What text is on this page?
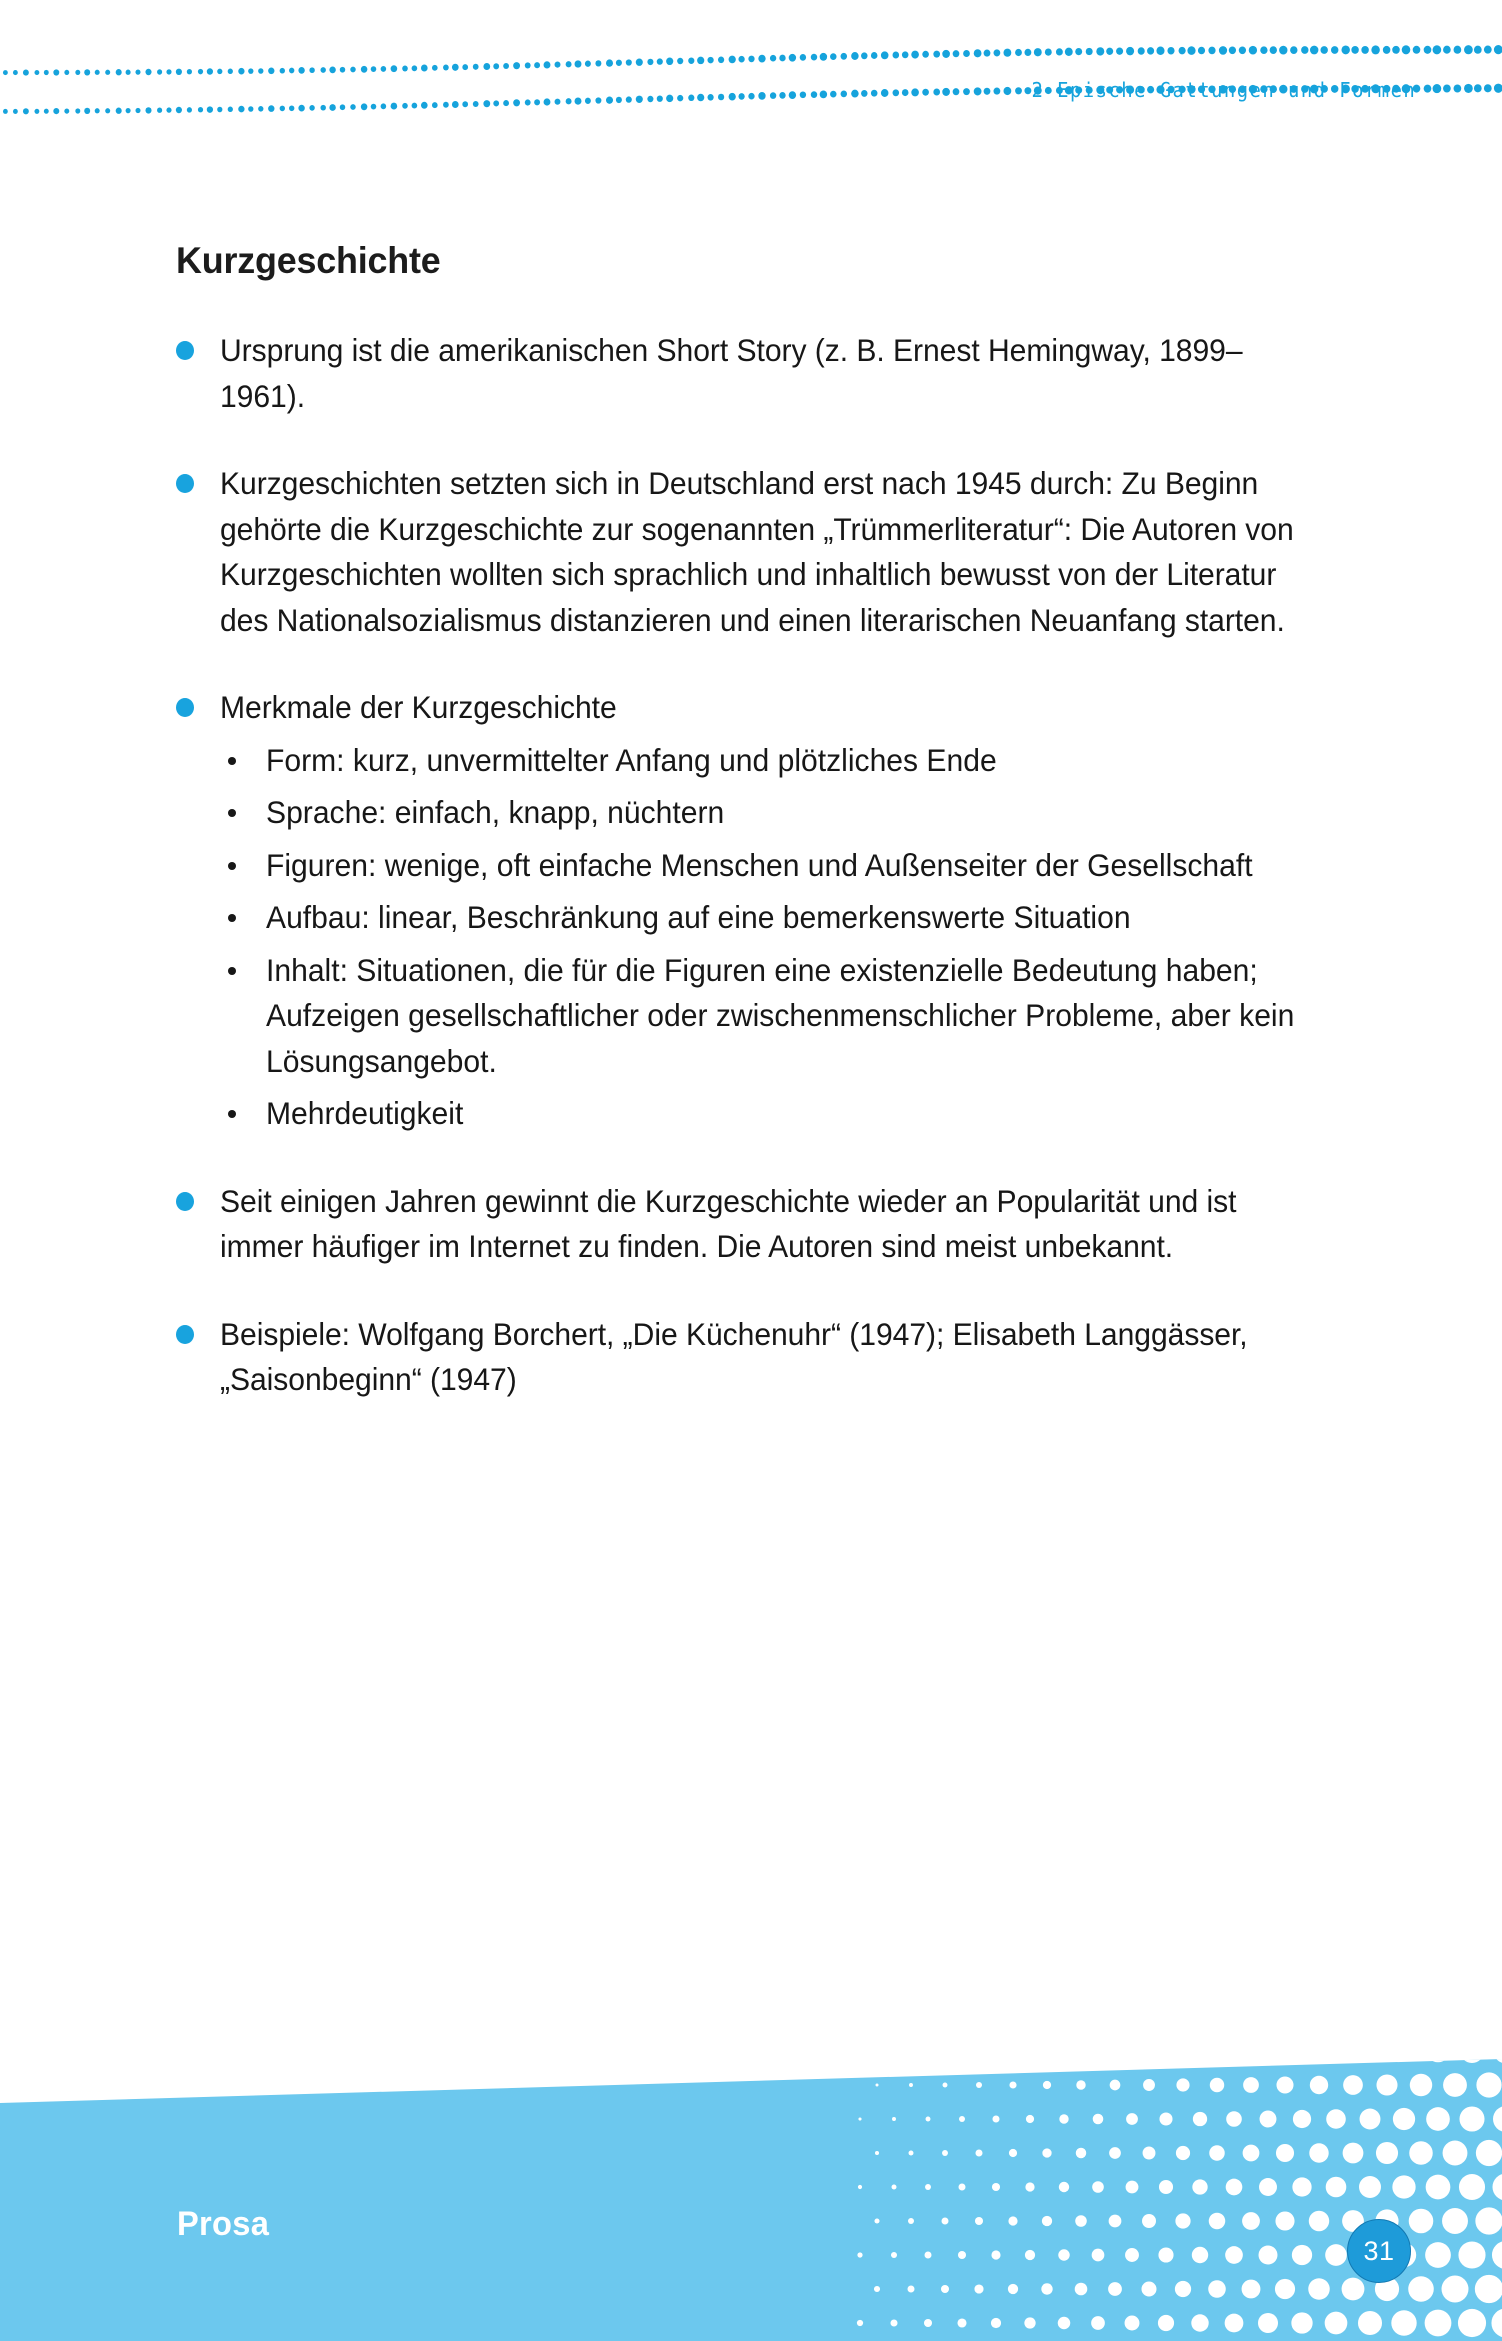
2 Epische Gattungen und Formen
Kurzgeschichte
Ursprung ist die amerikanischen Short Story (z. B. Ernest Hemingway, 1899–1961).
Kurzgeschichten setzten sich in Deutschland erst nach 1945 durch: Zu Beginn gehörte die Kurzgeschichte zur sogenannten „Trümmerliteratur“: Die Autoren von Kurzgeschichten wollten sich sprachlich und inhaltlich bewusst von der Literatur des Nationalsozialismus distanzieren und einen literarischen Neuanfang starten.
Merkmale der Kurzgeschichte
Form: kurz, unvermittelter Anfang und plötzliches Ende
Sprache: einfach, knapp, nüchtern
Figuren: wenige, oft einfache Menschen und Außenseiter der Gesellschaft
Aufbau: linear, Beschränkung auf eine bemerkenswerte Situation
Inhalt: Situationen, die für die Figuren eine existenzielle Bedeutung haben; Aufzeigen gesellschaftlicher oder zwischenmenschlicher Probleme, aber kein Lösungsangebot.
Mehrdeutigkeit
Seit einigen Jahren gewinnt die Kurzgeschichte wieder an Popularität und ist immer häufiger im Internet zu finden. Die Autoren sind meist unbekannt.
Beispiele: Wolfgang Borchert, „Die Küchenuhr“ (1947); Elisabeth Langgässer, „Saisonbeginn“ (1947)
Prosa
31
